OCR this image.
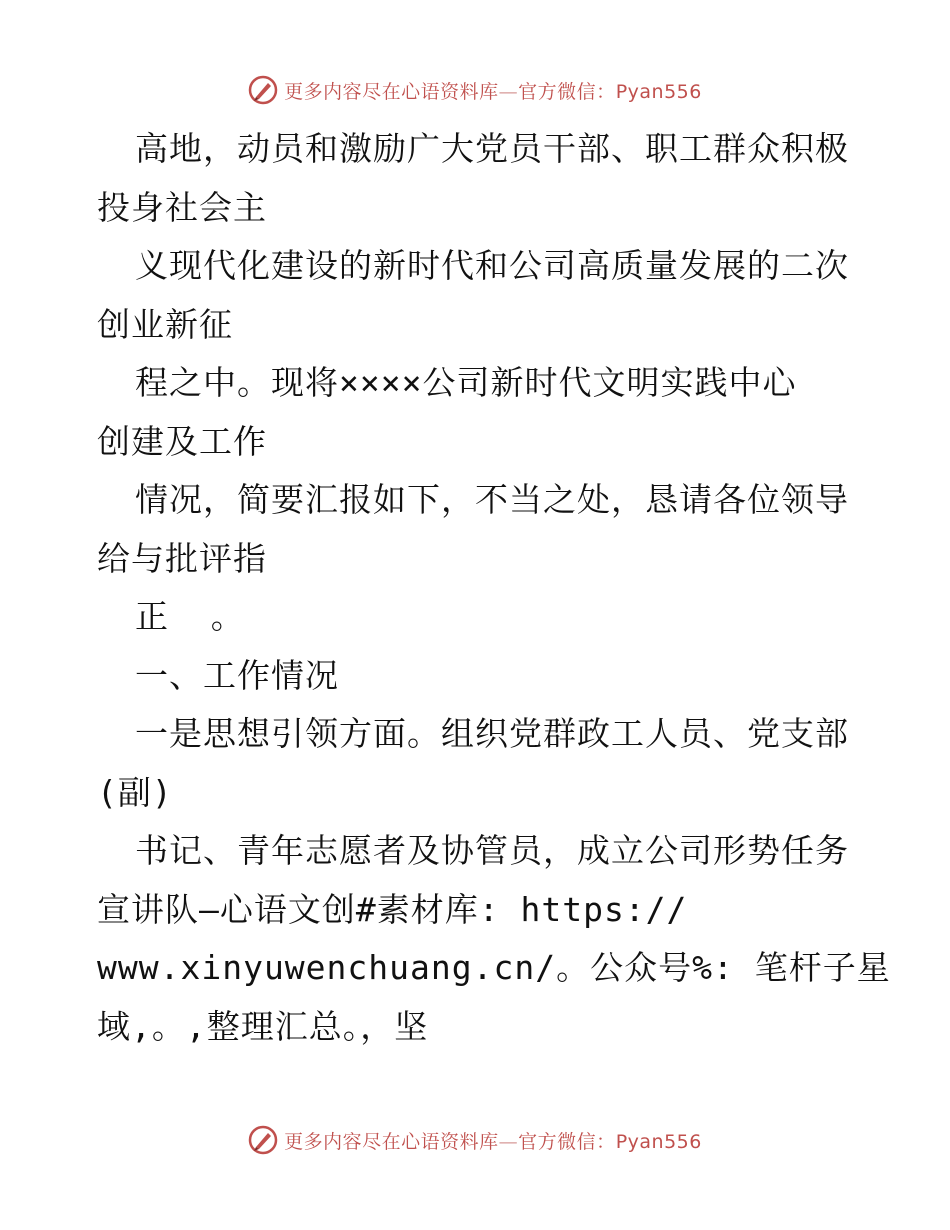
更多内容尽在心语资料库—官方微信：Pyan556
高地，动员和激励广大党员干部、职工群众积极
投身社会主
义现代化建设的新时代和公司高质量发展的二次
创业新征
程之中。现将××××公司新时代文明实践中心
创建及工作
情况，简要汇报如下，不当之处，恳请各位领导
给与批评指
正  。
一、工作情况
一是思想引领方面。组织党群政工人员、党支部
(副)
书记、青年志愿者及协管员，成立公司形势任务
宣讲队—心语文创#素材库: https://
www.xinyuwenchuang.cn/。公众号%: 笔杆子星
域,。,整理汇总。，坚
更多内容尽在心语资料库—官方微信：Pyan556
